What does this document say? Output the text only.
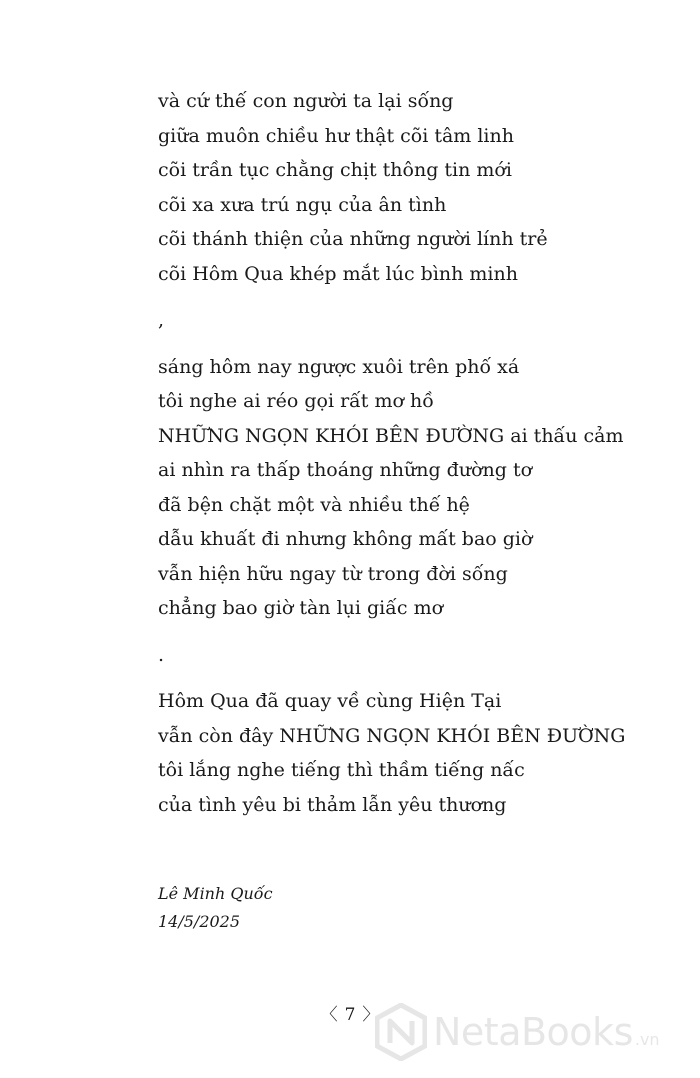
và cứ thế con người ta lại sống
giữa muôn chiều hư thật cõi tâm linh
cõi trần tục chằng chịt thông tin mới
cõi xa xưa trú ngụ của ân tình
cõi thánh thiện của những người lính trẻ
cõi Hôm Qua khép mắt lúc bình minh
,
sáng hôm nay ngược xuôi trên phố xá
tôi nghe ai réo gọi rất mơ hồ
NHỮNG NGỌN KHÓI BÊN ĐƯỜNG ai thấu cảm
ai nhìn ra thấp thoáng những đường tơ
đã bện chặt một và nhiều thế hệ
dẫu khuất đi nhưng không mất bao giờ
vẫn hiện hữu ngay từ trong đời sống
chẳng bao giờ tàn lụi giấc mơ
.
Hôm Qua đã quay về cùng Hiện Tại
vẫn còn đây NHỮNG NGỌN KHÓI BÊN ĐƯỜNG
tôi lắng nghe tiếng thì thầm tiếng nấc
của tình yêu bi thảm lẫn yêu thương
Lê Minh Quốc
14/5/2025
〈 7 〉	NetaBooks .vn
